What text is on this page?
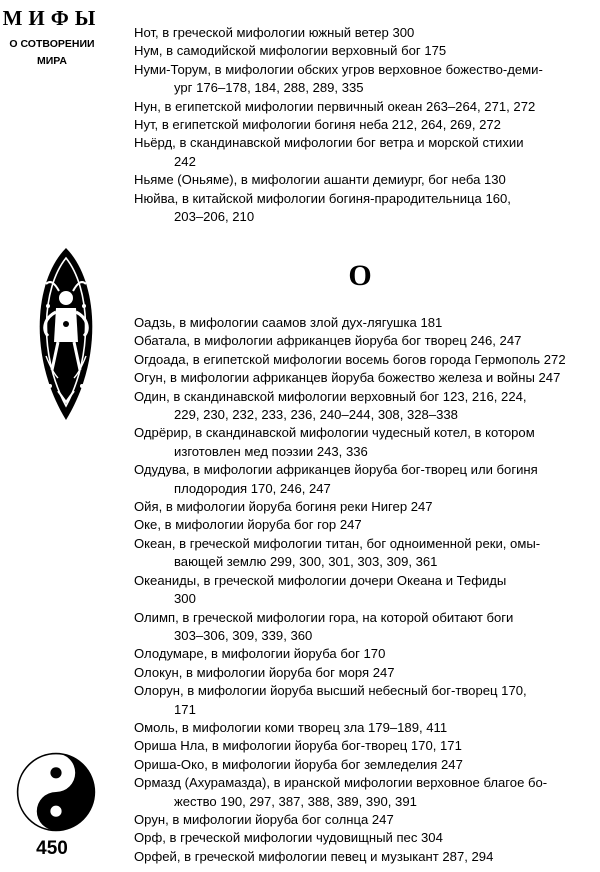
МИФЫ
О СОТВОРЕНИИ
МИРА
450

Нот, в греческой мифологии южный ветер 300

Нум, в самодийской мифологии верховный бог 175

Нуми-Торум, в мифологии обских угров верховное божество-деми-
ург 176–178, 184, 288, 289, 335

Нун, в египетской мифологии первичный океан 263–264, 271, 272

Нут, в египетской мифологии богиня неба 212, 264, 269, 272

Ньёрд, в скандинавской мифологии бог ветра и морской стихии
242

Ньяме (Оньяме), в мифологии ашанти демиург, бог неба 130

Нюйва, в китайской мифологии богиня-прародительница 160,
203–206, 210

О

Оадзь, в мифологии саамов злой дух-лягушка 181

Обатала, в мифологии африканцев йоруба бог творец 246, 247

Огдоада, в египетской мифологии восемь богов города Гермополь 272

Огун, в мифологии африканцев йоруба божество железа и войны 247

Один, в скандинавской мифологии верховный бог 123, 216, 224,
229, 230, 232, 233, 236, 240–244, 308, 328–338

Одрёрир, в скандинавской мифологии чудесный котел, в котором
изготовлен мед поэзии 243, 336

Одудува, в мифологии африканцев йоруба бог-творец или богиня
плодородия 170, 246, 247

Ойя, в мифологии йоруба богиня реки Нигер 247

Оке, в мифологии йоруба бог гор 247

Океан, в греческой мифологии титан, бог одноименной реки, омы-
вающей землю 299, 300, 301, 303, 309, 361

Океаниды, в греческой мифологии дочери Океана и Тефиды
300

Олимп, в греческой мифологии гора, на которой обитают боги
303–306, 309, 339, 360

Олодумаре, в мифологии йоруба бог 170

Олокун, в мифологии йоруба бог моря 247

Олорун, в мифологии йоруба высший небесный бог-творец 170,
171

Омоль, в мифологии коми творец зла 179–189, 411

Ориша Нла, в мифологии йоруба бог-творец 170, 171

Ориша-Око, в мифологии йоруба бог земледелия 247

Ормазд (Ахурамазда), в иранской мифологии верховное благое бо-
жество 190, 297, 387, 388, 389, 390, 391

Орун, в мифологии йоруба бог солнца 247

Орф, в греческой мифологии чудовищный пес 304

Орфей, в греческой мифологии певец и музыкант 287, 294
